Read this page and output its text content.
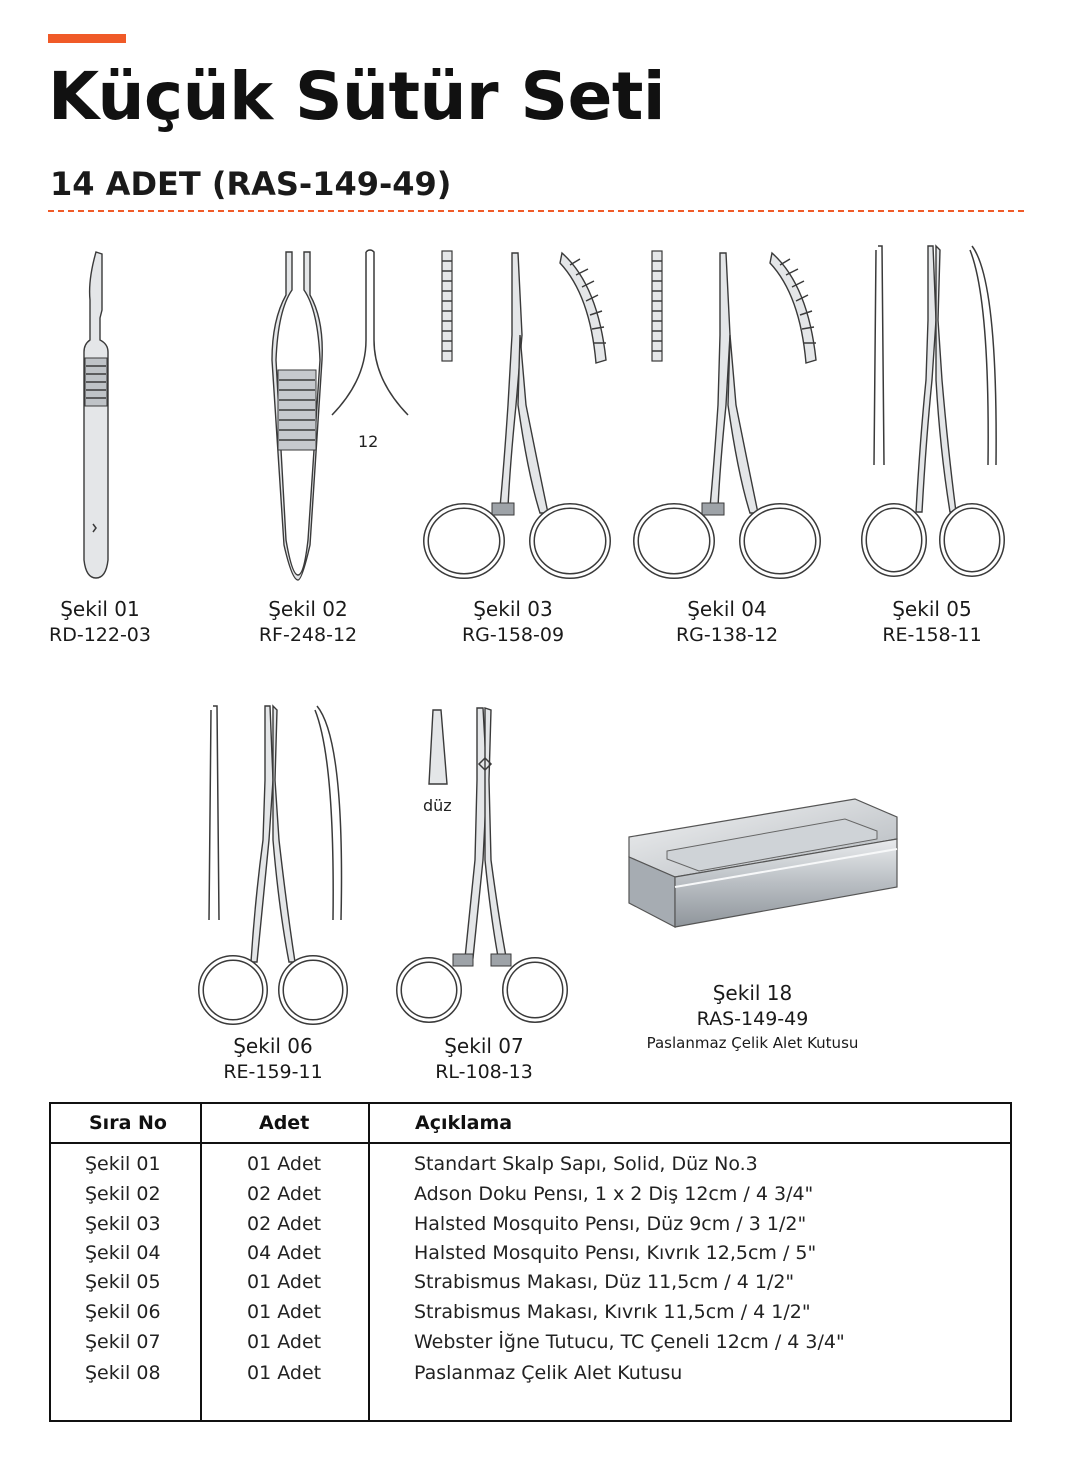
Küçük Sütür Seti
14 ADET (RAS-149-49)
Şekil 01
RD-122-03
12
Şekil 02
RF-248-12
Şekil 03
RG-158-09
Şekil 04
RG-138-12
Şekil 05
RE-158-11
Şekil 06
RE-159-11
düz
Şekil 07
RL-108-13
Şekil 18
RAS-149-49
Paslanmaz Çelik Alet Kutusu
Sıra No	Adet	Açıklama
Şekil 01	01 Adet	Standart Skalp Sapı, Solid, Düz No.3
Şekil 02	02 Adet	Adson Doku Pensı, 1 x 2 Diş 12cm / 4 3/4"
Şekil 03	02 Adet	Halsted Mosquito Pensı, Düz 9cm / 3 1/2"
Şekil 04	04 Adet	Halsted Mosquito Pensı, Kıvrık 12,5cm / 5"
Şekil 05	01 Adet	Strabismus Makası, Düz 11,5cm / 4 1/2"
Şekil 06	01 Adet	Strabismus Makası, Kıvrık 11,5cm / 4 1/2"
Şekil 07	01 Adet	Webster İğne Tutucu, TC Çeneli 12cm / 4 3/4"
Şekil 08	01 Adet	Paslanmaz Çelik Alet Kutusu
